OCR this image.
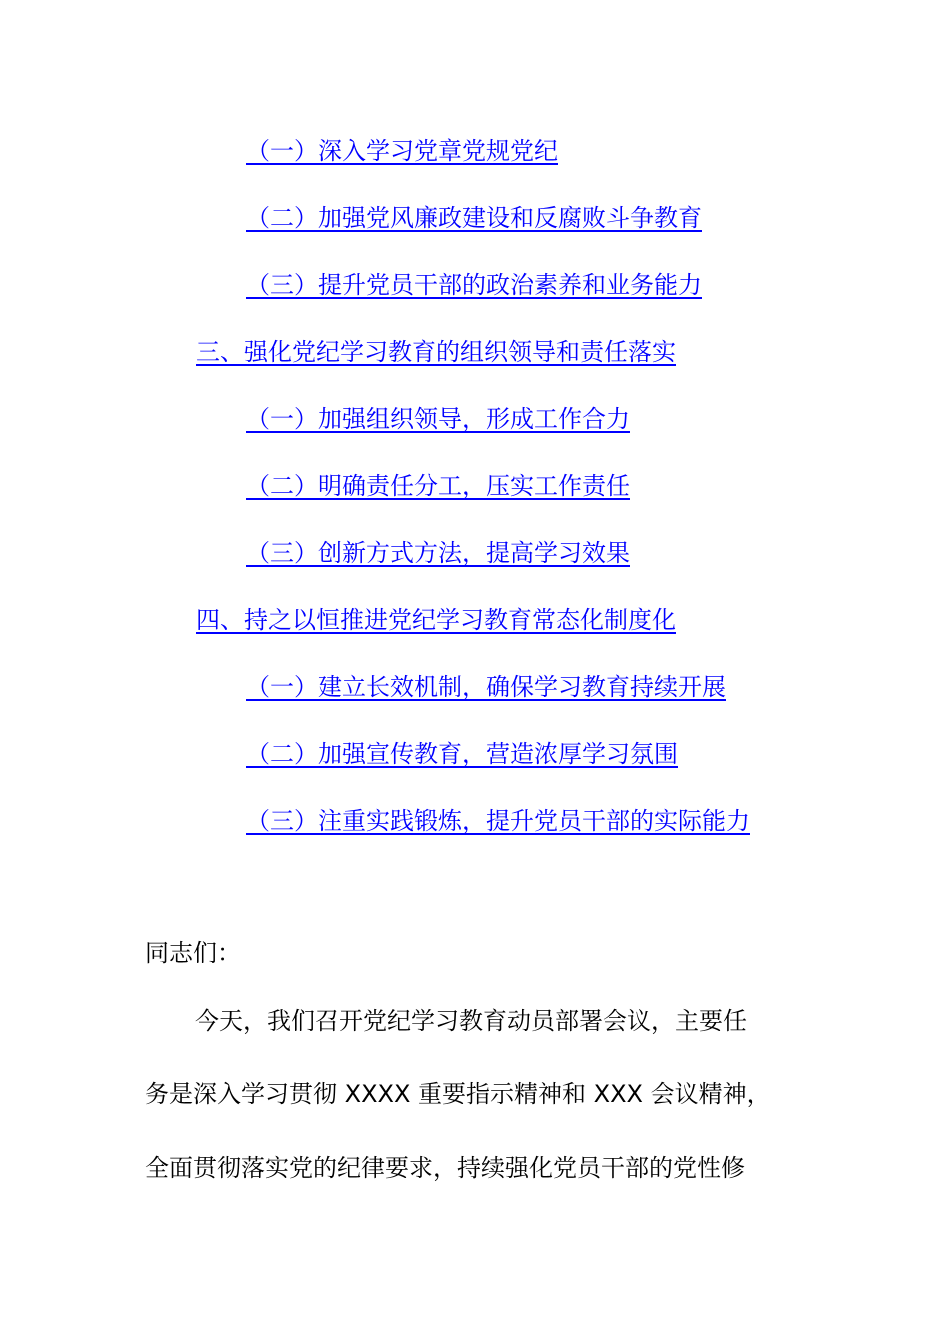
（一）深入学习党章党规党纪
（二）加强党风廉政建设和反腐败斗争教育
（三）提升党员干部的政治素养和业务能力
三、强化党纪学习教育的组织领导和责任落实
（一）加强组织领导，形成工作合力
（二）明确责任分工，压实工作责任
（三）创新方式方法，提高学习效果
四、持之以恒推进党纪学习教育常态化制度化
（一）建立长效机制，确保学习教育持续开展
（二）加强宣传教育，营造浓厚学习氛围
（三）注重实践锻炼，提升党员干部的实际能力
同志们：
今天，我们召开党纪学习教育动员部署会议，主要任
务是深入学习贯彻 XXXX 重要指示精神和 XXX 会议精神，
全面贯彻落实党的纪律要求，持续强化党员干部的党性修
